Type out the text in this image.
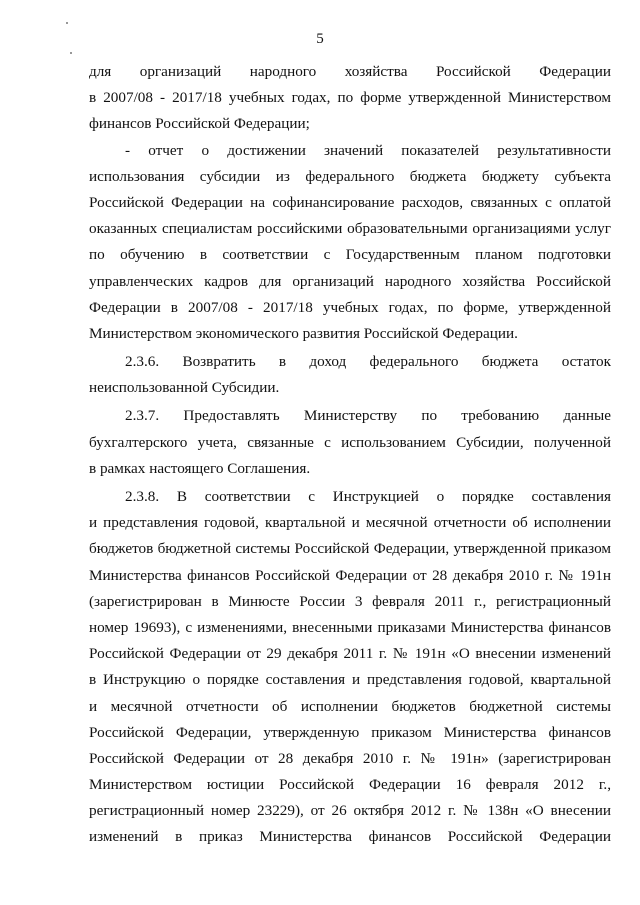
5
для организаций народного хозяйства Российской Федерации
в 2007/08 - 2017/18 учебных годах, по форме утвержденной Министерством
финансов Российской Федерации;
- отчет о достижении значений показателей результативности
использования субсидии из федерального бюджета бюджету субъекта
Российской Федерации на софинансирование расходов, связанных с оплатой
оказанных специалистам российскими образовательными организациями услуг
по обучению в соответствии с Государственным планом подготовки
управленческих кадров для организаций народного хозяйства Российской
Федерации в 2007/08 - 2017/18 учебных годах, по форме, утвержденной
Министерством экономического развития Российской Федерации.
2.3.6. Возвратить в доход федерального бюджета остаток
неиспользованной Субсидии.
2.3.7. Предоставлять Министерству по требованию данные
бухгалтерского учета, связанные с использованием Субсидии, полученной
в рамках настоящего Соглашения.
2.3.8. В соответствии с Инструкцией о порядке составления
и представления годовой, квартальной и месячной отчетности об исполнении
бюджетов бюджетной системы Российской Федерации, утвержденной приказом
Министерства финансов Российской Федерации от 28 декабря 2010 г. № 191н
(зарегистрирован в Минюсте России 3 февраля 2011 г., регистрационный
номер 19693), с изменениями, внесенными приказами Министерства финансов
Российской Федерации от 29 декабря 2011 г. № 191н «О внесении изменений
в Инструкцию о порядке составления и представления годовой, квартальной
и месячной отчетности об исполнении бюджетов бюджетной системы
Российской Федерации, утвержденную приказом Министерства финансов
Российской Федерации от 28 декабря 2010 г. № 191н» (зарегистрирован
Министерством юстиции Российской Федерации 16 февраля 2012 г.,
регистрационный номер 23229), от 26 октября 2012 г. № 138н «О внесении
изменений в приказ Министерства финансов Российской Федерации
